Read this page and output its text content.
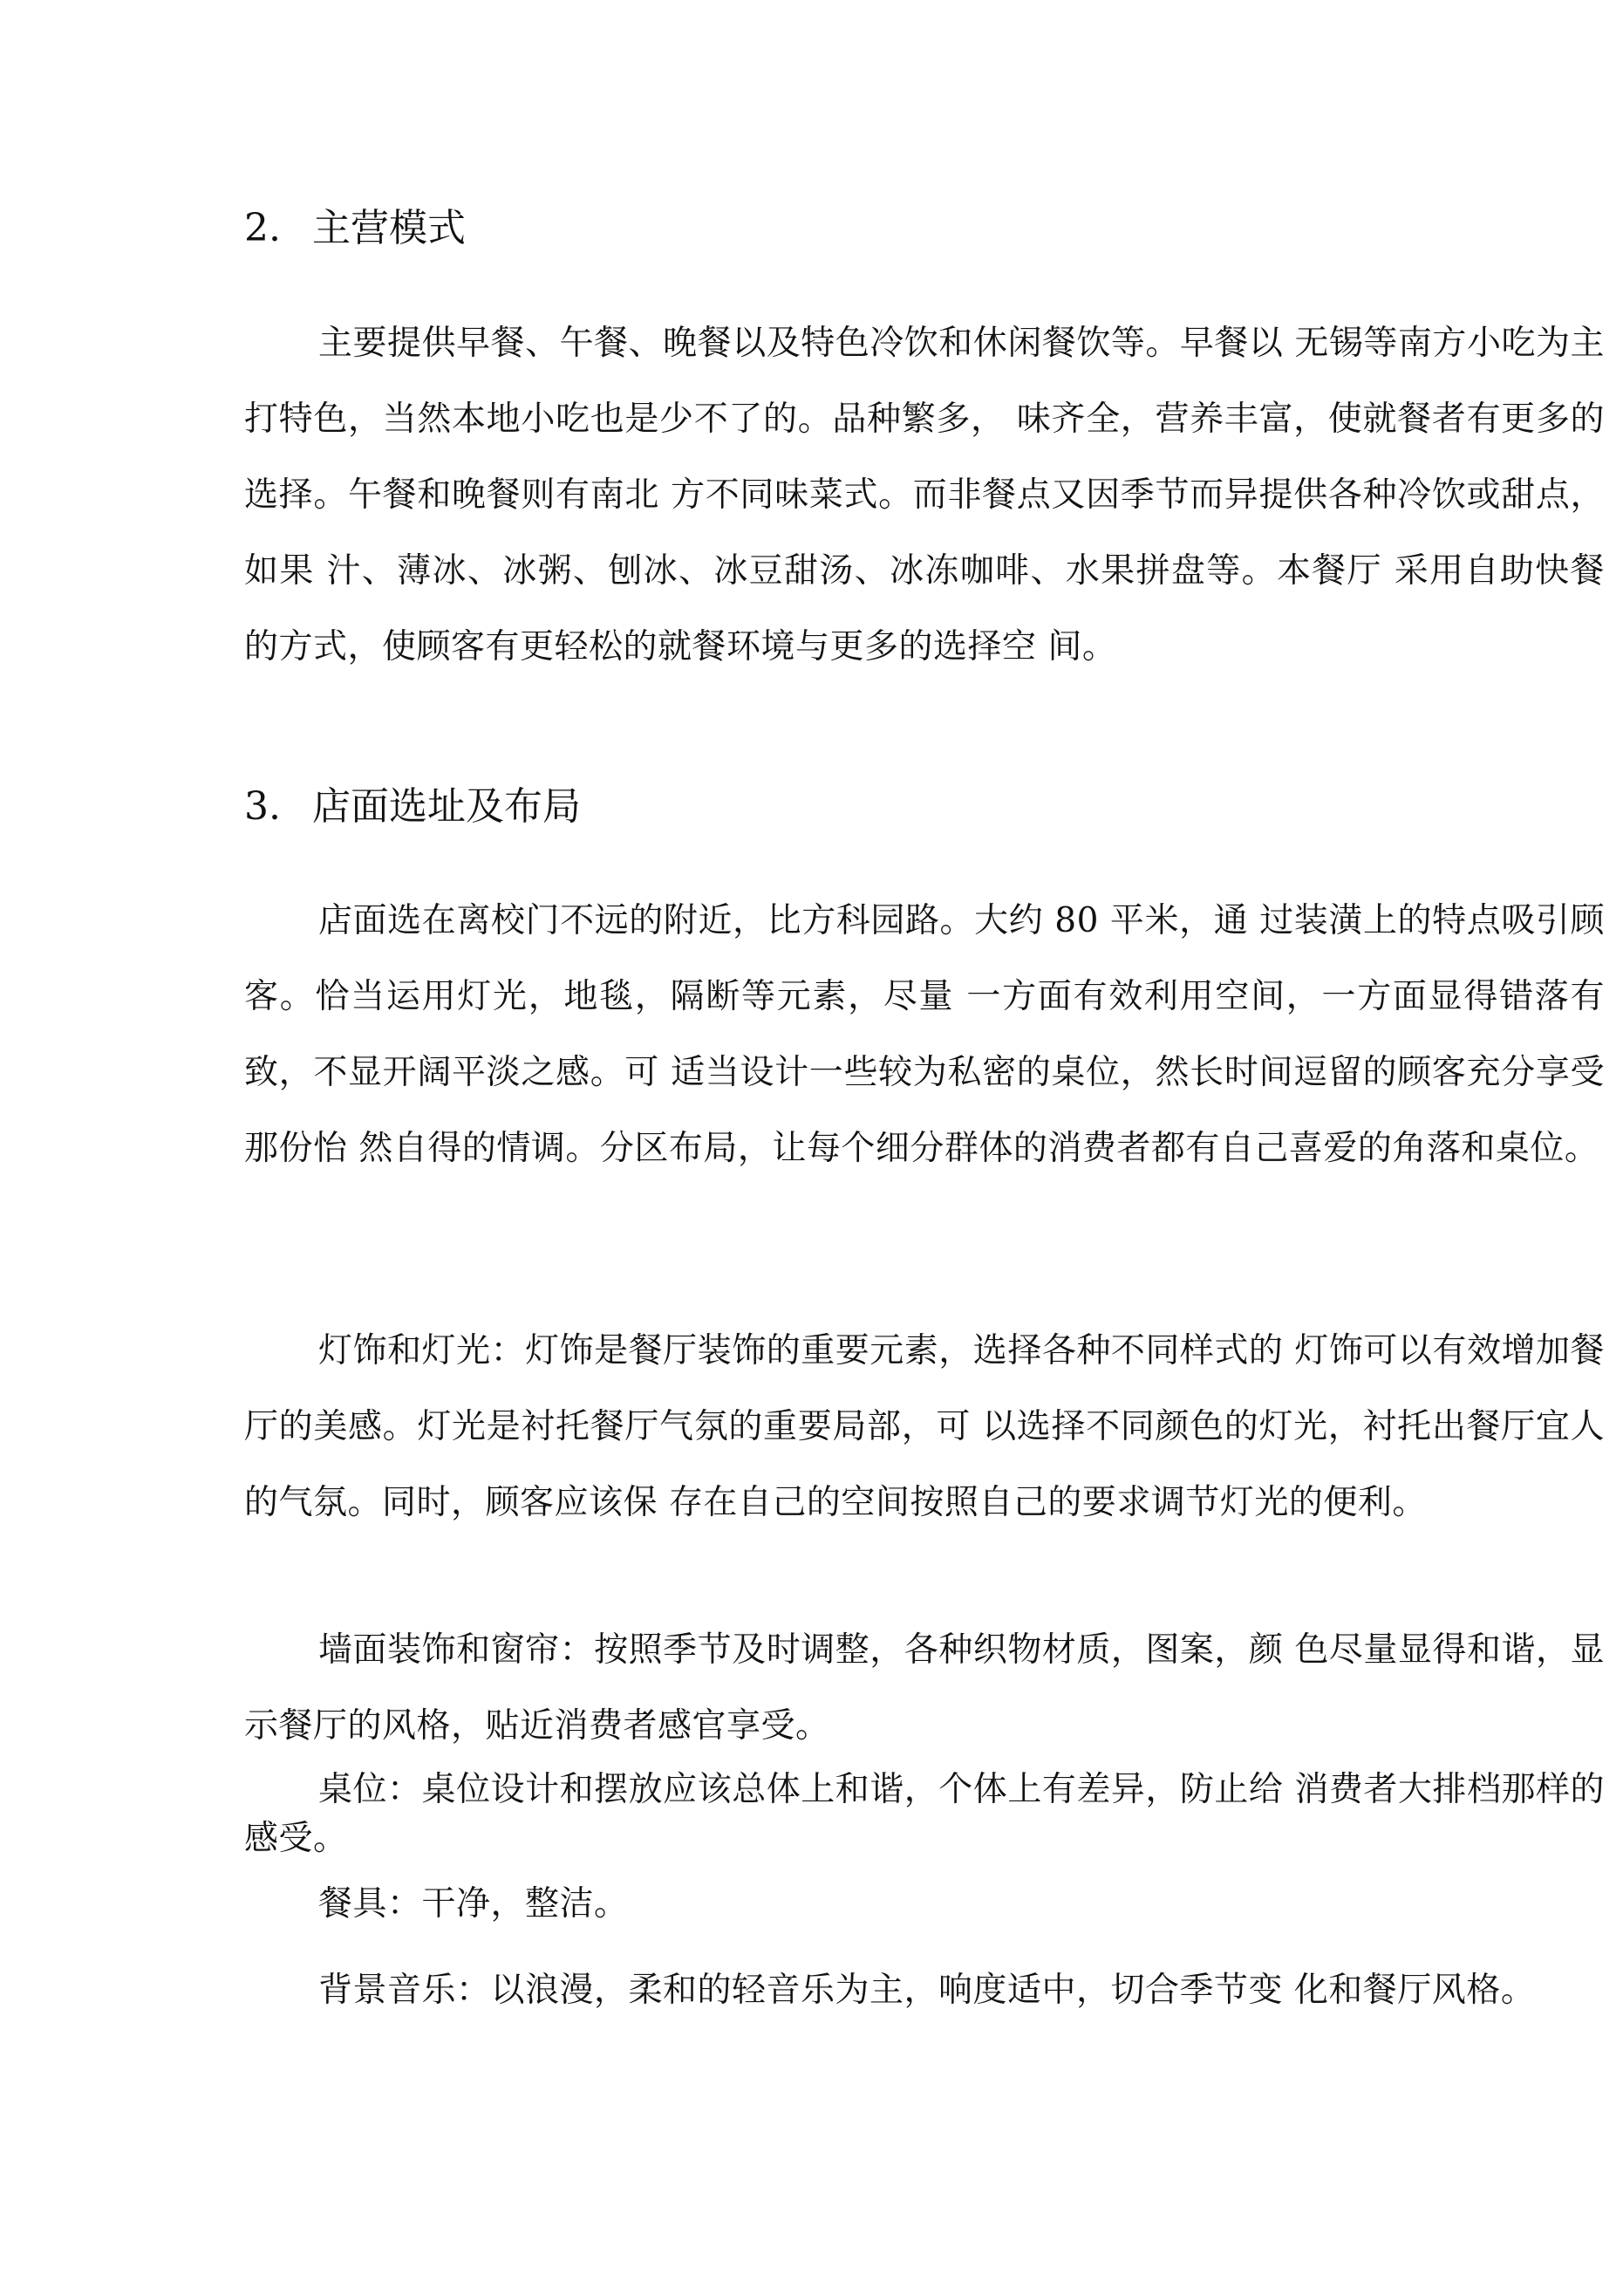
2. 主营模式

主要提供早餐、午餐、晚餐以及特色冷饮和休闲餐饮等。早餐以 无锡等南方小吃为主打特色，当然本地小吃也是少不了的。品种繁多， 味齐全，营养丰富，使就餐者有更多的选择。午餐和晚餐则有南北 方不同味菜式。而非餐点又因季节而异提供各种冷饮或甜点，如果 汁、薄冰、冰粥、刨冰、冰豆甜汤、冰冻咖啡、水果拼盘等。本餐厅 采用自助快餐的方式，使顾客有更轻松的就餐环境与更多的选择空 间。

3. 店面选址及布局

店面选在离校门不远的附近，比方科园路。大约 80 平米，通 过装潢上的特点吸引顾客。恰当运用灯光，地毯，隔断等元素，尽量 一方面有效利用空间，一方面显得错落有致，不显开阔平淡之感。可 适当设计一些较为私密的桌位，然长时间逗留的顾客充分享受那份怡 然自得的情调。分区布局，让每个细分群体的消费者都有自己喜爱的角落和桌位。

灯饰和灯光：灯饰是餐厅装饰的重要元素，选择各种不同样式的 灯饰可以有效增加餐厅的美感。灯光是衬托餐厅气氛的重要局部，可 以选择不同颜色的灯光，衬托出餐厅宜人的气氛。同时，顾客应该保 存在自己的空间按照自己的要求调节灯光的便利。

墙面装饰和窗帘：按照季节及时调整，各种织物材质，图案，颜 色尽量显得和谐，显示餐厅的风格，贴近消费者感官享受。

桌位：桌位设计和摆放应该总体上和谐，个体上有差异，防止给 消费者大排档那样的感受。

餐具：干净，整洁。

背景音乐：以浪漫，柔和的轻音乐为主，响度适中，切合季节变 化和餐厅风格。
